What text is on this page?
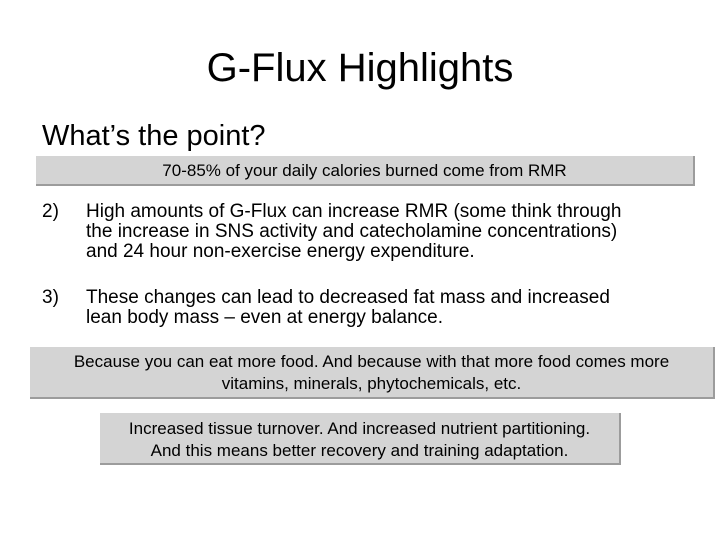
G-Flux Highlights
What’s the point?
70-85% of your daily calories burned come from RMR
2) High amounts of G-Flux can increase RMR (some think through
the increase in SNS activity and catecholamine concentrations)
and 24 hour non-exercise energy expenditure.
3) These changes can lead to decreased fat mass and increased
lean body mass – even at energy balance.
Because you can eat more food. And because with that more food comes more
vitamins, minerals, phytochemicals, etc.
Increased tissue turnover. And increased nutrient partitioning.
And this means better recovery and training adaptation.
